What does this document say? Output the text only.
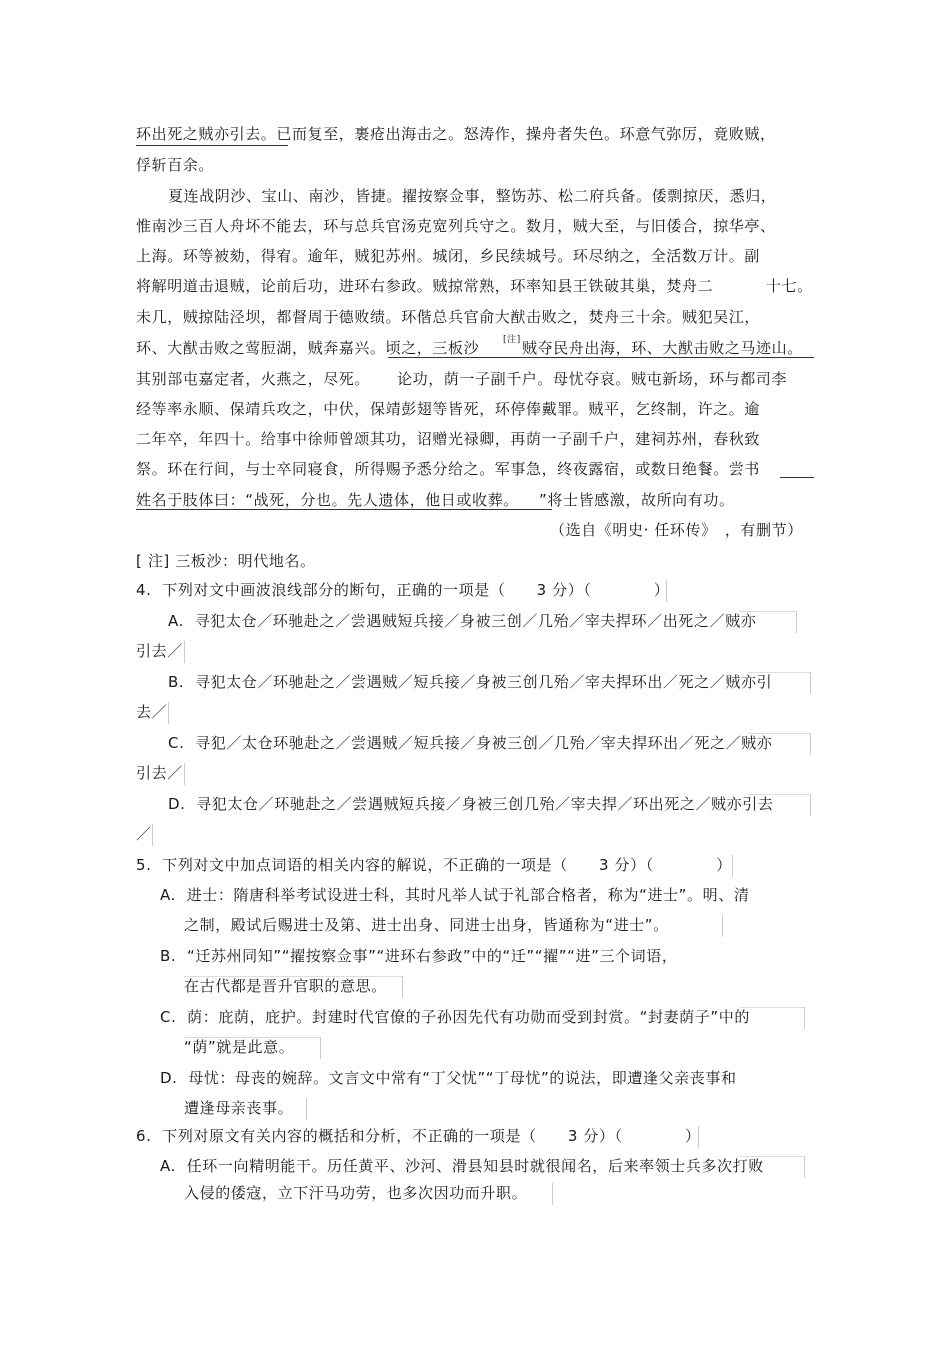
环出死之贼亦引去。已而复至，裹疮出海击之。怒涛作，操舟者失色。环意气弥厉，竟败贼，
俘斩百余。
夏连战阴沙、宝山、南沙，皆捷。擢按察佥事，整饬苏、松二府兵备。倭剽掠厌，悉归，
惟南沙三百人舟坏不能去，环与总兵官汤克宽列兵守之。数月，贼大至，与旧倭合，掠华亭、
上海。环等被劾，得宥。逾年，贼犯苏州。城闭，乡民续城号。环尽纳之，全活数万计。副
将解明道击退贼，论前后功，进环右参政。贼掠常熟，环率知县王铁破其巢，焚舟二	十七。
未几，贼掠陆泾坝，都督周于德败绩。环偕总兵官俞大猷击败之，焚舟三十余。贼犯吴江，
环、大猷击败之莺脰湖，贼奔嘉兴。顷之，三板沙	[注] 贼夺民舟出海，环、大猷击败之马迹山。
其别部屯嘉定者，火燕之，尽死。 论功，荫一子副千户。母忧夺哀。贼屯新场，环与都司李
经等率永顺、保靖兵攻之，中伏，保靖彭翅等皆死，环停俸戴罪。贼平，乞终制，许之。逾
二年卒，年四十。给事中徐师曾颂其功，诏赠光禄卿，再荫一子副千户，建祠苏州，春秋致
祭。环在行间，与士卒同寝食，所得赐予悉分给之。军事急，终夜露宿，或数日绝餐。尝书
姓名于肢体曰：“战死，分也。先人遗体，他日或收葬。 ”将士皆感激，故所向有功。
（选自《明史· 任环传》　，有删节）
[ 注] 三板沙：明代地名。
4.  下列对文中画波浪线部分的断句，正确的一项是（　　3 分）（　　　　）
A.  寻犯太仓／环驰赴之／尝遇贼短兵接／身被三创／几殆／宰夫捍环／出死之／贼亦
引去／
B.  寻犯太仓／环驰赴之／尝遇贼／短兵接／身被三创几殆／宰夫捍环出／死之／贼亦引
去／
C.  寻犯／太仓环驰赴之／尝遇贼／短兵接／身被三创／几殆／宰夫捍环出／死之／贼亦
引去／
D.  寻犯太仓／环驰赴之／尝遇贼短兵接／身被三创几殆／宰夫捍／环出死之／贼亦引去
／
5.  下列对文中加点词语的相关内容的解说，不正确的一项是（　　3 分）（　　　　）
A.  进士：隋唐科举考试设进士科，其时凡举人试于礼部合格者，称为“进士”。明、清
之制，殿试后赐进士及第、进士出身、同进士出身，皆通称为“进士”。
B.  “迁苏州同知”“擢按察佥事”“进环右参政”中的“迁”“擢”“进”三个词语，
在古代都是晋升官职的意思。
C.  荫：庇荫，庇护。封建时代官僚的子孙因先代有功勋而受到封赏。“封妻荫子”中的
“荫”就是此意。
D.  母忧：母丧的婉辞。文言文中常有“丁父忧”“丁母忧”的说法，即遭逢父亲丧事和
遭逢母亲丧事。
6.  下列对原文有关内容的概括和分析，不正确的一项是（　　3 分）（　　　　）
A.  任环一向精明能干。历任黄平、沙河、滑县知县时就很闻名，后来率领士兵多次打败
入侵的倭寇，立下汗马功劳，也多次因功而升职。
